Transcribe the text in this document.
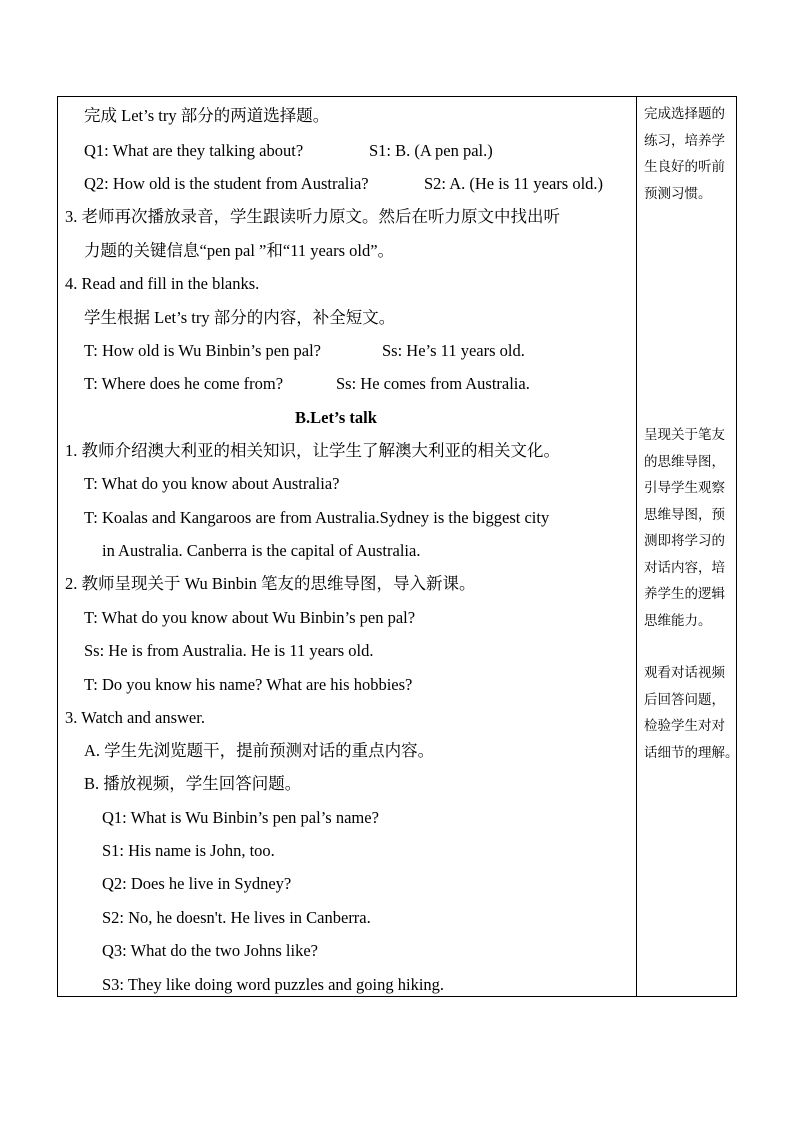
完成 Let’s try 部分的两道选择题。
Q1: What are they talking about?	S1: B. (A pen pal.)
Q2: How old is the student from Australia?	S2: A. (He is 11 years old.)
3. 老师再次播放录音，学生跟读听力原文。然后在听力原文中找出听
力题的关键信息“pen pal ”和“11 years old”。
4. Read and fill in the blanks.
学生根据 Let’s try 部分的内容，补全短文。
T: How old is Wu Binbin’s pen pal?	Ss: He’s 11 years old.
T: Where does he come from?	Ss: He comes from Australia.
B.Let’s talk
1. 教师介绍澳大利亚的相关知识，让学生了解澳大利亚的相关文化。
T: What do you know about Australia?
T: Koalas and Kangaroos are from Australia.Sydney is the biggest city
in Australia. Canberra is the capital of Australia.
2. 教师呈现关于 Wu Binbin 笔友的思维导图，导入新课。
T: What do you know about Wu Binbin’s pen pal?
Ss: He is from Australia. He is 11 years old.
T: Do you know his name? What are his hobbies?
3. Watch and answer.
A. 学生先浏览题干，提前预测对话的重点内容。
B. 播放视频，学生回答问题。
Q1: What is Wu Binbin’s pen pal’s name?
S1: His name is John, too.
Q2: Does he live in Sydney?
S2: No, he doesn't. He lives in Canberra.
Q3: What do the two Johns like?
S3: They like doing word puzzles and going hiking.
完成选择题的
练习，培养学
生良好的听前
预测习惯。
呈现关于笔友
的思维导图，
引导学生观察
思维导图，预
测即将学习的
对话内容，培
养学生的逻辑
思维能力。
观看对话视频
后回答问题，
检验学生对对
话细节的理解。
